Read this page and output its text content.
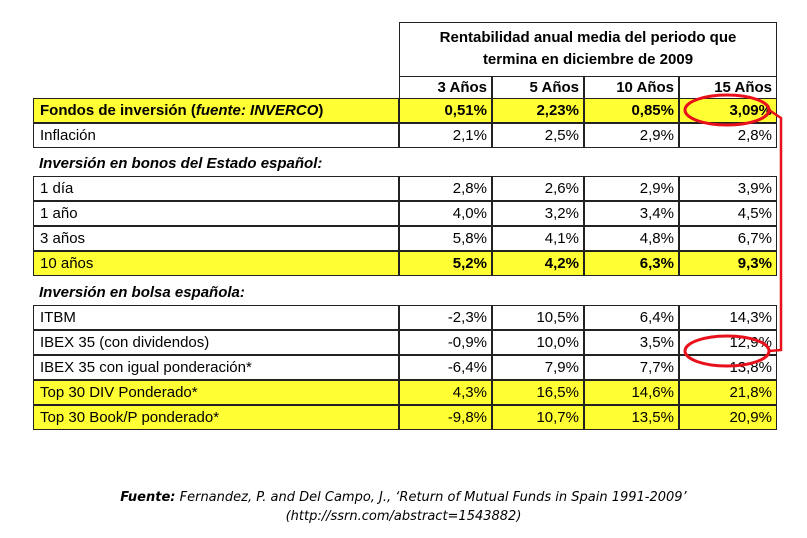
Rentabilidad anual media del periodo que
termina en diciembre de 2009
3 Años	5 Años	10 Años	15 Años
Fondos de inversión (fuente: INVERCO)	0,51%	2,23%	0,85%	3,09%
Inflación	2,1%	2,5%	2,9%	2,8%
Inversión en bonos del Estado español:
1 día	2,8%	2,6%	2,9%	3,9%
1 año	4,0%	3,2%	3,4%	4,5%
3 años	5,8%	4,1%	4,8%	6,7%
10 años	5,2%	4,2%	6,3%	9,3%
Inversión en bolsa española:
ITBM	-2,3%	10,5%	6,4%	14,3%
IBEX 35 (con dividendos)	-0,9%	10,0%	3,5%	12,9%
IBEX 35 con igual ponderación*	-6,4%	7,9%	7,7%	13,8%
Top 30 DIV Ponderado*	4,3%	16,5%	14,6%	21,8%
Top 30 Book/P ponderado*	-9,8%	10,7%	13,5%	20,9%
Fuente: Fernandez, P. and Del Campo, J., ‘Return of Mutual Funds in Spain 1991-2009’
(http://ssrn.com/abstract=1543882)
